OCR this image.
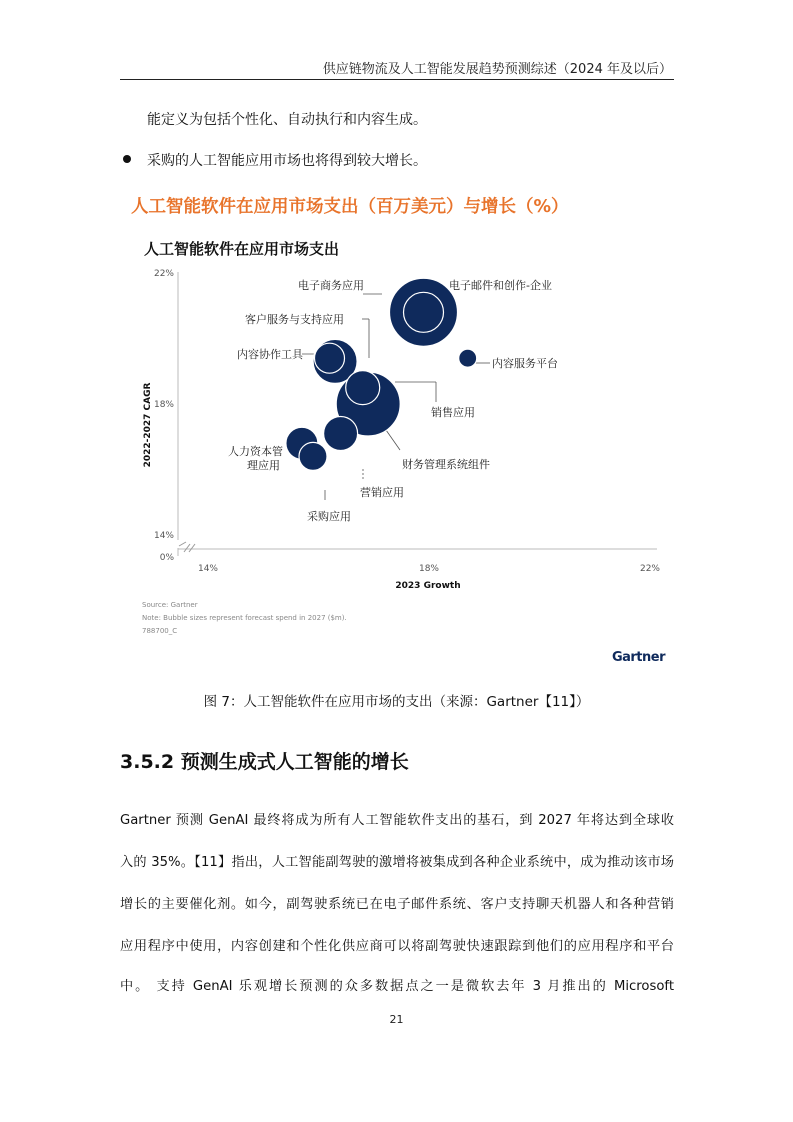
供应链物流及人工智能发展趋势预测综述（2024 年及以后）
能定义为包括个性化、自动执行和内容生成。
采购的人工智能应用市场也将得到较大增长。
人工智能软件在应用市场支出（百万美元）与增长（%）
人工智能软件在应用市场支出
0%
14%
18%
22%
14%	18%	22%
2022-2027 CAGR
2023 Growth
电子商务应用	电子邮件和创作-企业
客户服务与支持应用
内容协作工具
内容服务平台
销售应用
人力资本管
理应用	财务管理系统组件
营销应用
采购应用
Source: Gartner
Note: Bubble sizes represent forecast spend in 2027 ($m).
788700_C
Gartner
图 7：人工智能软件在应用市场的支出（来源：Gartner【11】）
3.5.2 预测生成式人工智能的增长
Gartner 预测 GenAI 最终将成为所有人工智能软件支出的基石，到 2027 年将达到全球收
入的 35%。【11】指出，人工智能副驾驶的激增将被集成到各种企业系统中，成为推动该市场
增长的主要催化剂。如今，副驾驶系统已在电子邮件系统、客户支持聊天机器人和各种营销
应用程序中使用，内容创建和个性化供应商可以将副驾驶快速跟踪到他们的应用程序和平台
中。 支持 GenAI 乐观增长预测的众多数据点之一是微软去年 3 月推出的 Microsoft
21
